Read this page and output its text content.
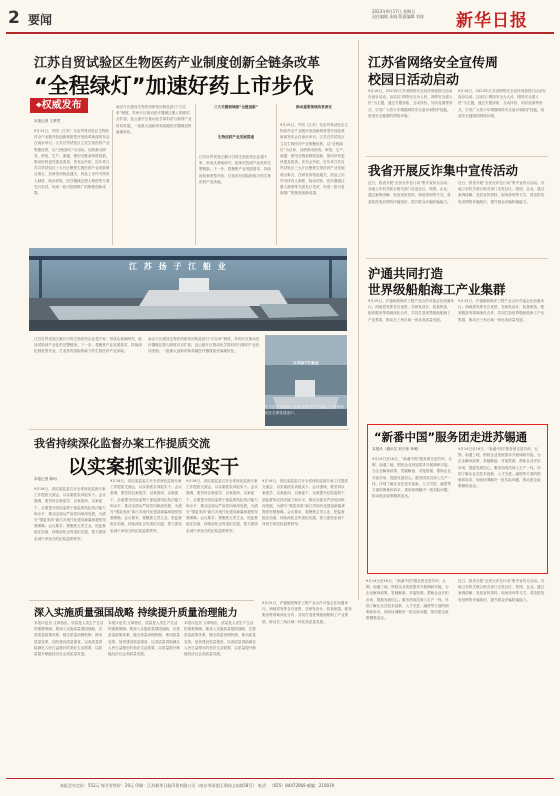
2 要闻
2023年9月17日 星期日
责任编辑 朱晓 版面编辑 刘涛	新华日报
江苏自贸试验区生物医药产业制度创新全链条改革
“全程绿灯”加速好药上市步伐
⌖权威发布
本报记者 王梦然
9月15日，中国（江苏）自由贸易试验区生物医药全产业链开放创新制度型开放改革新闻发布会在南京举行。江苏自贸试验区立足生物医药产业集聚优势，以“全程绿灯”为目标，加快推动研发、审批、生产、流通、使用全链条制度创新，推动好药更快惠及患者。发布会介绍，近年来江苏自贸试验区三大片区聚焦生物医药产业发展堵点难点，在研发用物品通关、药品上市许可持有人制度、临床试验、医疗器械注册人制度等方面先行先试，形成一批可复制推广的制度创新成果。
南京片区建设生物医药研发用物品进口“白名单”制度，苏州片区推动医疗器械注册人制度试点扩面，连云港片区推动化学原料药与制剂产业协同发展。一批重大创新药和高端医疗器械加快落地转化。
三大关键领域建“全链创新”
生物医药产业发展提速
江苏自贸试验区累计引育生物医药企业超千家，形成从基础研究、临床试验到产业化的完整链条。下一步，将聚焦产业发展需求，持续深化制度型开放，打造具有国际影响力的生物医药产业高地。
推动重要领域改革深化
9月15日，中国（江苏）自由贸易试验区生物医药全产业链开放创新制度型开放改革新闻发布会在南京举行。江苏自贸试验区立足生物医药产业集聚优势，以“全程绿灯”为目标，加快推动研发、审批、生产、流通、使用全链条制度创新，推动好药更快惠及患者。发布会介绍，近年来江苏自贸试验区三大片区聚焦生物医药产业发展堵点难点，在研发用物品通关、药品上市许可持有人制度、临床试验、医疗器械注册人制度等方面先行先试，形成一批可复制推广的制度创新成果。
江 苏 扬 子 江 船 业
江苏自贸试验区累计引育生物医药企业超千家，形成从基础研究、临床试验到产业化的完整链条。下一步，将聚焦产业发展需求，持续深化制度型开放，打造具有国际影响力的生物医药产业高地。
南京片区建设生物医药研发用物品进口“白名单”制度，苏州片区推动医疗器械注册人制度试点扩面，连云港片区推动化学原料药与制剂产业协同发展。一批重大创新药和高端医疗器械加快落地转化。
江苏扬子江船业
位于泰兴市的扬子江船业集团生产基地，一艘艘船舶正在紧张建造中。
我省持续深化监督办案工作提质交流
以实案抓实训促实干
本报记者 陈珂
9月16日，省纪委监委召开全省深化监督办案工作提质交流会，以实案抓实训促实干。会议强调，要坚持以案促学、以案促训、以案促干，全面提升纪检监察干部监督执纪执法能力和水平，推动全面从严治党向纵深发展，为谱写“强富美高”新江苏现代化建设新篇章提供坚强保障。会议要求，要聚焦主责主业，把监督挺在前面，持续深化正风肃纪反腐，着力建设忠诚干净担当的纪检监察铁军。
9月16日，省纪委监委召开全省深化监督办案工作提质交流会，以实案抓实训促实干。会议强调，要坚持以案促学、以案促训、以案促干，全面提升纪检监察干部监督执纪执法能力和水平，推动全面从严治党向纵深发展，为谱写“强富美高”新江苏现代化建设新篇章提供坚强保障。会议要求，要聚焦主责主业，把监督挺在前面，持续深化正风肃纪反腐，着力建设忠诚干净担当的纪检监察铁军。
9月16日，省纪委监委召开全省深化监督办案工作提质交流会，以实案抓实训促实干。会议强调，要坚持以案促学、以案促训、以案促干，全面提升纪检监察干部监督执纪执法能力和水平，推动全面从严治党向纵深发展，为谱写“强富美高”新江苏现代化建设新篇章提供坚强保障。会议要求，要聚焦主责主业，把监督挺在前面，持续深化正风肃纪反腐，着力建设忠诚干净担当的纪检监察铁军。
9月16日，省纪委监委召开全省深化监督办案工作提质交流会，以实案抓实训促实干。会议强调，要坚持以案促学、以案促训、以案促干，全面提升纪检监察干部监督执纪执法能力和水平，推动全面从严治党向纵深发展，为谱写“强富美高”新江苏现代化建设新篇章提供坚强保障。会议要求，要聚焦主责主业，把监督挺在前面，持续深化正风肃纪反腐，着力建设忠诚干净担当的纪检监察铁军。
江苏省网络安全宣传周
校园日活动启动
9月16日，2023年江苏省网络安全宣传周校园日活动在南京启动。活动以“网络安全为人民，网络安全靠人民”为主题，通过专题讲座、互动体验、知识竞赛等形式，引导广大青少年增强网络安全意识和防护技能，营造安全健康的网络环境。
9月16日，2023年江苏省网络安全宣传周校园日活动在南京启动。活动以“网络安全为人民，网络安全靠人民”为主题，通过专题讲座、互动体验、知识竞赛等形式，引导广大青少年增强网络安全意识和防护技能，营造安全健康的网络环境。
我省开展反诈集中宣传活动
近日，我省开展“全民反诈在行动”集中宣传月活动。各地公安机关联合相关部门走进社区、校园、企业，通过案例讲解、发放宣传资料、现场咨询等方式，普及防范电信网络诈骗知识，提升群众识骗防骗能力。
近日，我省开展“全民反诈在行动”集中宣传月活动。各地公安机关联合相关部门走进社区、校园、企业，通过案例讲解、发放宣传资料、现场咨询等方式，普及防范电信网络诈骗知识，提升群众识骗防骗能力。
沪通共同打造
世界级船舶海工产业集群
9月15日，沪通船舶海洋工程产业合作对接会在南通举行。两地将发挥各自优势，在研发设计、装备制造、配套服务等领域深化合作，共同打造世界级船舶海工产业集群，推动长三角区域一体化高质量发展。
9月15日，沪通船舶海洋工程产业合作对接会在南通举行。两地将发挥各自优势，在研发设计、装备制造、配套服务等领域深化合作，共同打造世界级船舶海工产业集群，推动长三角区域一体化高质量发展。
“新番中国”服务团走进苏锡通
本报讯（通讯员 刘天帅 李萌）
9月14日至16日，“新番中国”服务团走进苏州、无锡、南通三地，围绕企业发展需求开展调研对接，为企业解读政策、答疑解惑、对接资源，帮助企业开拓市场、提振发展信心。服务团成员深入生产一线，详细了解企业在技术创新、人才引进、融资等方面的困难和诉求，现场协调解决一批实际问题，推动惠企政策精准直达。
9月14日至16日，“新番中国”服务团走进苏州、无锡、南通三地，围绕企业发展需求开展调研对接，为企业解读政策、答疑解惑、对接资源，帮助企业开拓市场、提振发展信心。服务团成员深入生产一线，详细了解企业在技术创新、人才引进、融资等方面的困难和诉求，现场协调解决一批实际问题，推动惠企政策精准直达。
9月15日，沪通船舶海洋工程产业合作对接会在南通举行。两地将发挥各自优势，在研发设计、装备制造、配套服务等领域深化合作，共同打造世界级船舶海工产业集群，推动长三角区域一体化高质量发展。
9月14日至16日，“新番中国”服务团走进苏州、无锡、南通三地，围绕企业发展需求开展调研对接，为企业解读政策、答疑解惑、对接资源，帮助企业开拓市场、提振发展信心。服务团成员深入生产一线，详细了解企业在技术创新、人才引进、融资等方面的困难和诉求，现场协调解决一批实际问题，推动惠企政策精准直达。
近日，我省开展“全民反诈在行动”集中宣传月活动。各地公安机关联合相关部门走进社区、校园、企业，通过案例讲解、发放宣传资料、现场咨询等方式，普及防范电信网络诈骗知识，提升群众识骗防骗能力。
深入实施质量强国战略 持续提升质量治理能力
本报评论员 文章指出，质量是人类生产生活的重要保障。要深入实施质量强国战略，完善质量政策体系，健全质量治理机制，推动质量变革，加快建设质量强省，以高质量供给满足人民日益增长的美好生活需要，以质量提升赋能经济社会高质量发展。
本报评论员 文章指出，质量是人类生产生活的重要保障。要深入实施质量强国战略，完善质量政策体系，健全质量治理机制，推动质量变革，加快建设质量强省，以高质量供给满足人民日益增长的美好生活需要，以质量提升赋能经济社会高质量发展。
本报评论员 文章指出，质量是人类生产生活的重要保障。要深入实施质量强国战略，完善质量政策体系，健全质量治理机制，推动质量变革，加快建设质量强省，以高质量供给满足人民日益增长的美好生活需要，以质量提升赋能经济社会高质量发展。
本报全年定价：552元 每月零售价：20元 印刷：江苏新华日报印务有限公司（南京市雨花区邓府山东路58号） 电话：（025）84472069 邮编：210019
